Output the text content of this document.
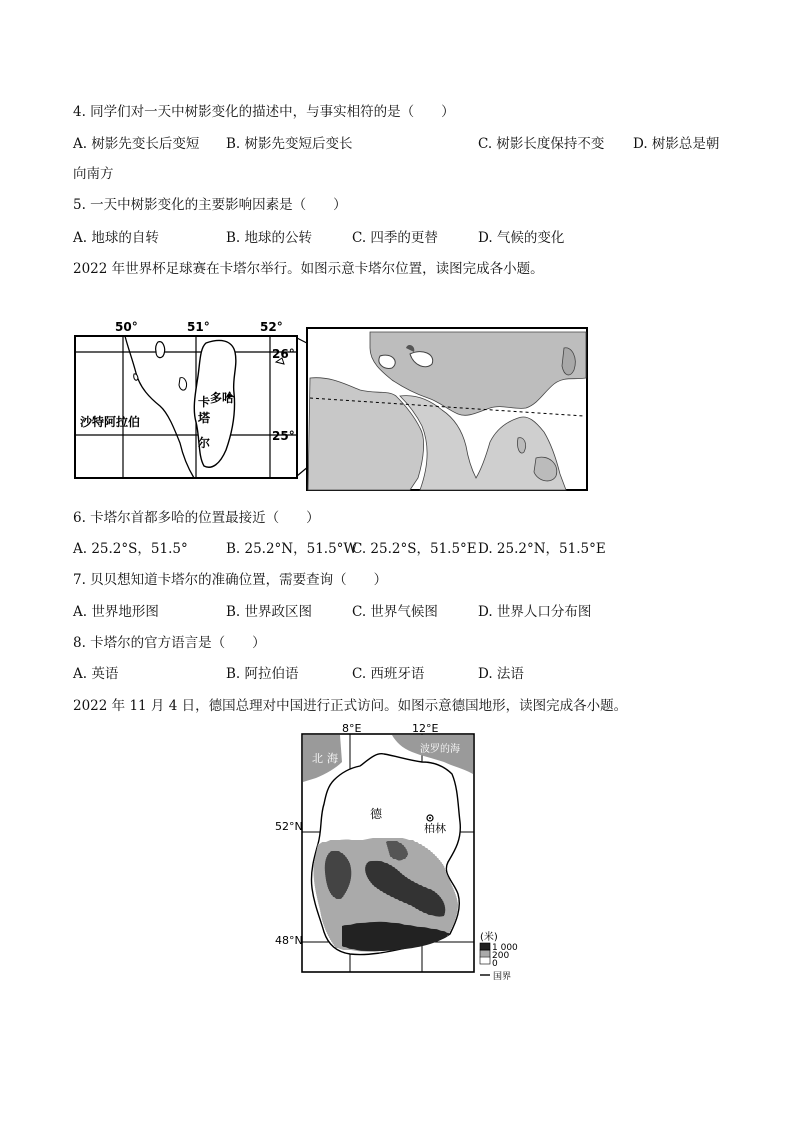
4. 同学们对一天中树影变化的描述中，与事实相符的是（　　）
A. 树影先变长后变短 B. 树影先变短后变长	C. 树影长度保持不变 D. 树影总是朝
向南方
5. 一天中树影变化的主要影响因素是（　　）
A. 地球的自转	B. 地球的公转	C. 四季的更替	D. 气候的变化
2022 年世界杯足球赛在卡塔尔举行。如图示意卡塔尔位置，读图完成各小题。
50°	51°	52°
26°
25°
卡 多哈
塔
尔
沙特阿拉伯
6. 卡塔尔首都多哈的位置最接近（　　）
A. 25.2°S，51.5°	B. 25.2°N，51.5°W
C. 25.2°S，51.5°E D. 25.2°N，51.5°E
7. 贝贝想知道卡塔尔的准确位置，需要查询（　　）
A. 世界地形图	B. 世界政区图	C. 世界气候图	D. 世界人口分布图
8. 卡塔尔的官方语言是（　　）
A. 英语	B. 阿拉伯语	C. 西班牙语	D. 法语
2022 年 11 月 4 日，德国总理对中国进行正式访问。如图示意德国地形，读图完成各小题。
8°E	12°E
52°N
48°N
北海
波罗的海
德
柏林
(米)
1 000
200
0
国界
